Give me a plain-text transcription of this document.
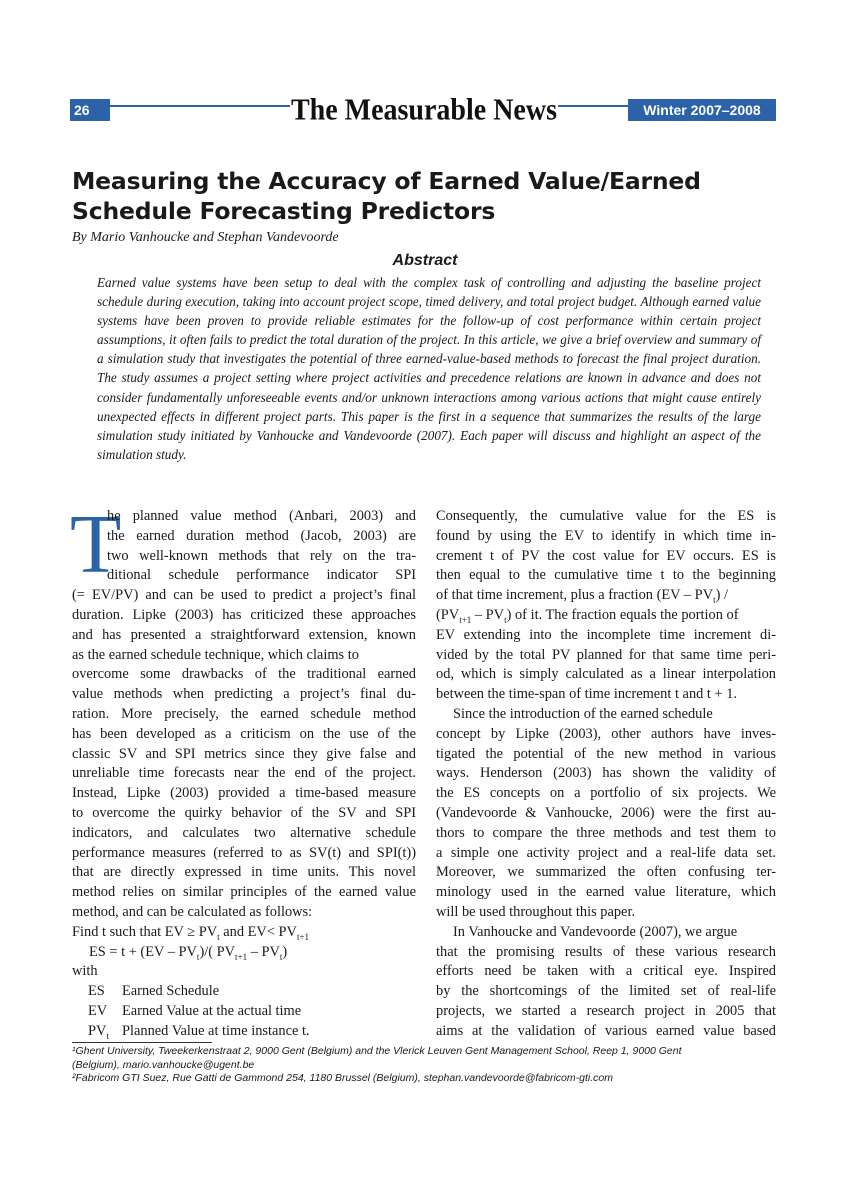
26	The Measurable News	Winter 2007–2008
Measuring the Accuracy of Earned Value/Earned
Schedule Forecasting Predictors
By Mario Vanhoucke and Stephan Vandevoorde
Abstract
Earned value systems have been setup to deal with the complex task of controlling and adjusting the baseline project schedule during execution, taking into account project scope, timed delivery, and total project budget. Although earned value systems have been proven to provide reliable estimates for the follow-up of cost performance within certain project assumptions, it often fails to predict the total duration of the project. In this article, we give a brief overview and summary of a simulation study that investigates the potential of three earned-value-based methods to forecast the final project duration. The study assumes a project setting where project activities and precedence relations are known in advance and does not consider fundamentally unforeseeable events and/or unknown interactions among various actions that might cause entirely unexpected effects in different project parts. This paper is the first in a sequence that summarizes the results of the large simulation study initiated by Vanhoucke and Vandevoorde (2007). Each paper will discuss and highlight an aspect of the simulation study.
T
he planned value method (Anbari, 2003) and
the earned duration method (Jacob, 2003) are
two well-known methods that rely on the tra-
ditional schedule performance indicator SPI
(= EV/PV) and can be used to predict a project’s final
duration. Lipke (2003) has criticized these approaches
and has presented a straightforward extension, known
as the earned schedule technique, which claims to
overcome some drawbacks of the traditional earned
value methods when predicting a project’s final du-
ration. More precisely, the earned schedule method
has been developed as a criticism on the use of the
classic SV and SPI metrics since they give false and
unreliable time forecasts near the end of the project.
Instead, Lipke (2003) provided a time-based measure
to overcome the quirky behavior of the SV and SPI
indicators, and calculates two alternative schedule
performance measures (referred to as SV(t) and SPI(t))
that are directly expressed in time units. This novel
method relies on similar principles of the earned value
method, and can be calculated as follows:
Find t such that EV ≥ $PV_t$ and $EV< PV_{t+1}$
ES = $t + (EV - PV_t)/$( $PV_{t+1} - PV_t$)
with
ES	Earned Schedule
EV	Earned Value at the actual time
$PV_t$ Planned Value at time instance t.
Consequently, the cumulative value for the ES is
found by using the EV to identify in which time in-
crement t of PV the cost value for EV occurs. ES is
then equal to the cumulative time t to the beginning
of that time increment, plus a fraction $(EV - PV_t)$ /
$(PV_{t+1} - PV_t)$ of it. The fraction equals the portion of
EV extending into the incomplete time increment di-
vided by the total PV planned for that same time peri-
od, which is simply calculated as a linear interpolation
between the time-span of time increment t and t + 1.
Since the introduction of the earned schedule
concept by Lipke (2003), other authors have inves-
tigated the potential of the new method in various
ways. Henderson (2003) has shown the validity of
the ES concepts on a portfolio of six projects. We
(Vandevoorde & Vanhoucke, 2006) were the first au-
thors to compare the three methods and test them to
a simple one activity project and a real-life data set.
Moreover, we summarized the often confusing ter-
minology used in the earned value literature, which
will be used throughout this paper.
In Vanhoucke and Vandevoorde (2007), we argue
that the promising results of these various research
efforts need be taken with a critical eye. Inspired
by the shortcomings of the limited set of real-life
projects, we started a research project in 2005 that
aims at the validation of various earned value based
¹Ghent University, Tweekerkenstraat 2, 9000 Gent (Belgium) and the Vlerick Leuven Gent Management School, Reep 1, 9000 Gent
(Belgium), mario.vanhoucke@ugent.be
²Fabricom GTI Suez, Rue Gatti de Gammond 254, 1180 Brussel (Belgium), stephan.vandevoorde@fabricom-gti.com
